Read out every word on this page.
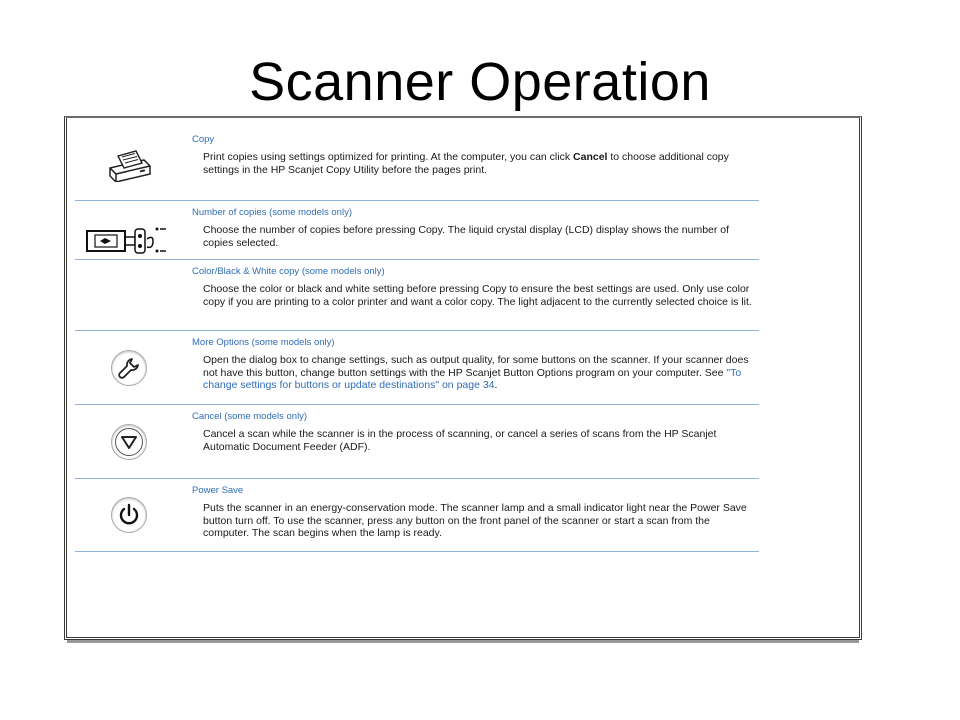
Scanner Operation
Copy
Print copies using settings optimized for printing. At the computer, you can click Cancel to choose additional copy settings in the HP Scanjet Copy Utility before the pages print.
Number of copies (some models only)
Choose the number of copies before pressing Copy. The liquid crystal display (LCD) display shows the number of copies selected.
Color/Black & White copy (some models only)
Choose the color or black and white setting before pressing Copy to ensure the best settings are used. Only use color copy if you are printing to a color printer and want a color copy. The light adjacent to the currently selected choice is lit.
More Options (some models only)
Open the dialog box to change settings, such as output quality, for some buttons on the scanner. If your scanner does not have this button, change button settings with the HP Scanjet Button Options program on your computer. See "To change settings for buttons or update destinations" on page 34.
Cancel (some models only)
Cancel a scan while the scanner is in the process of scanning, or cancel a series of scans from the HP Scanjet Automatic Document Feeder (ADF).
Power Save
Puts the scanner in an energy-conservation mode. The scanner lamp and a small indicator light near the Power Save button turn off. To use the scanner, press any button on the front panel of the scanner or start a scan from the computer. The scan begins when the lamp is ready.
